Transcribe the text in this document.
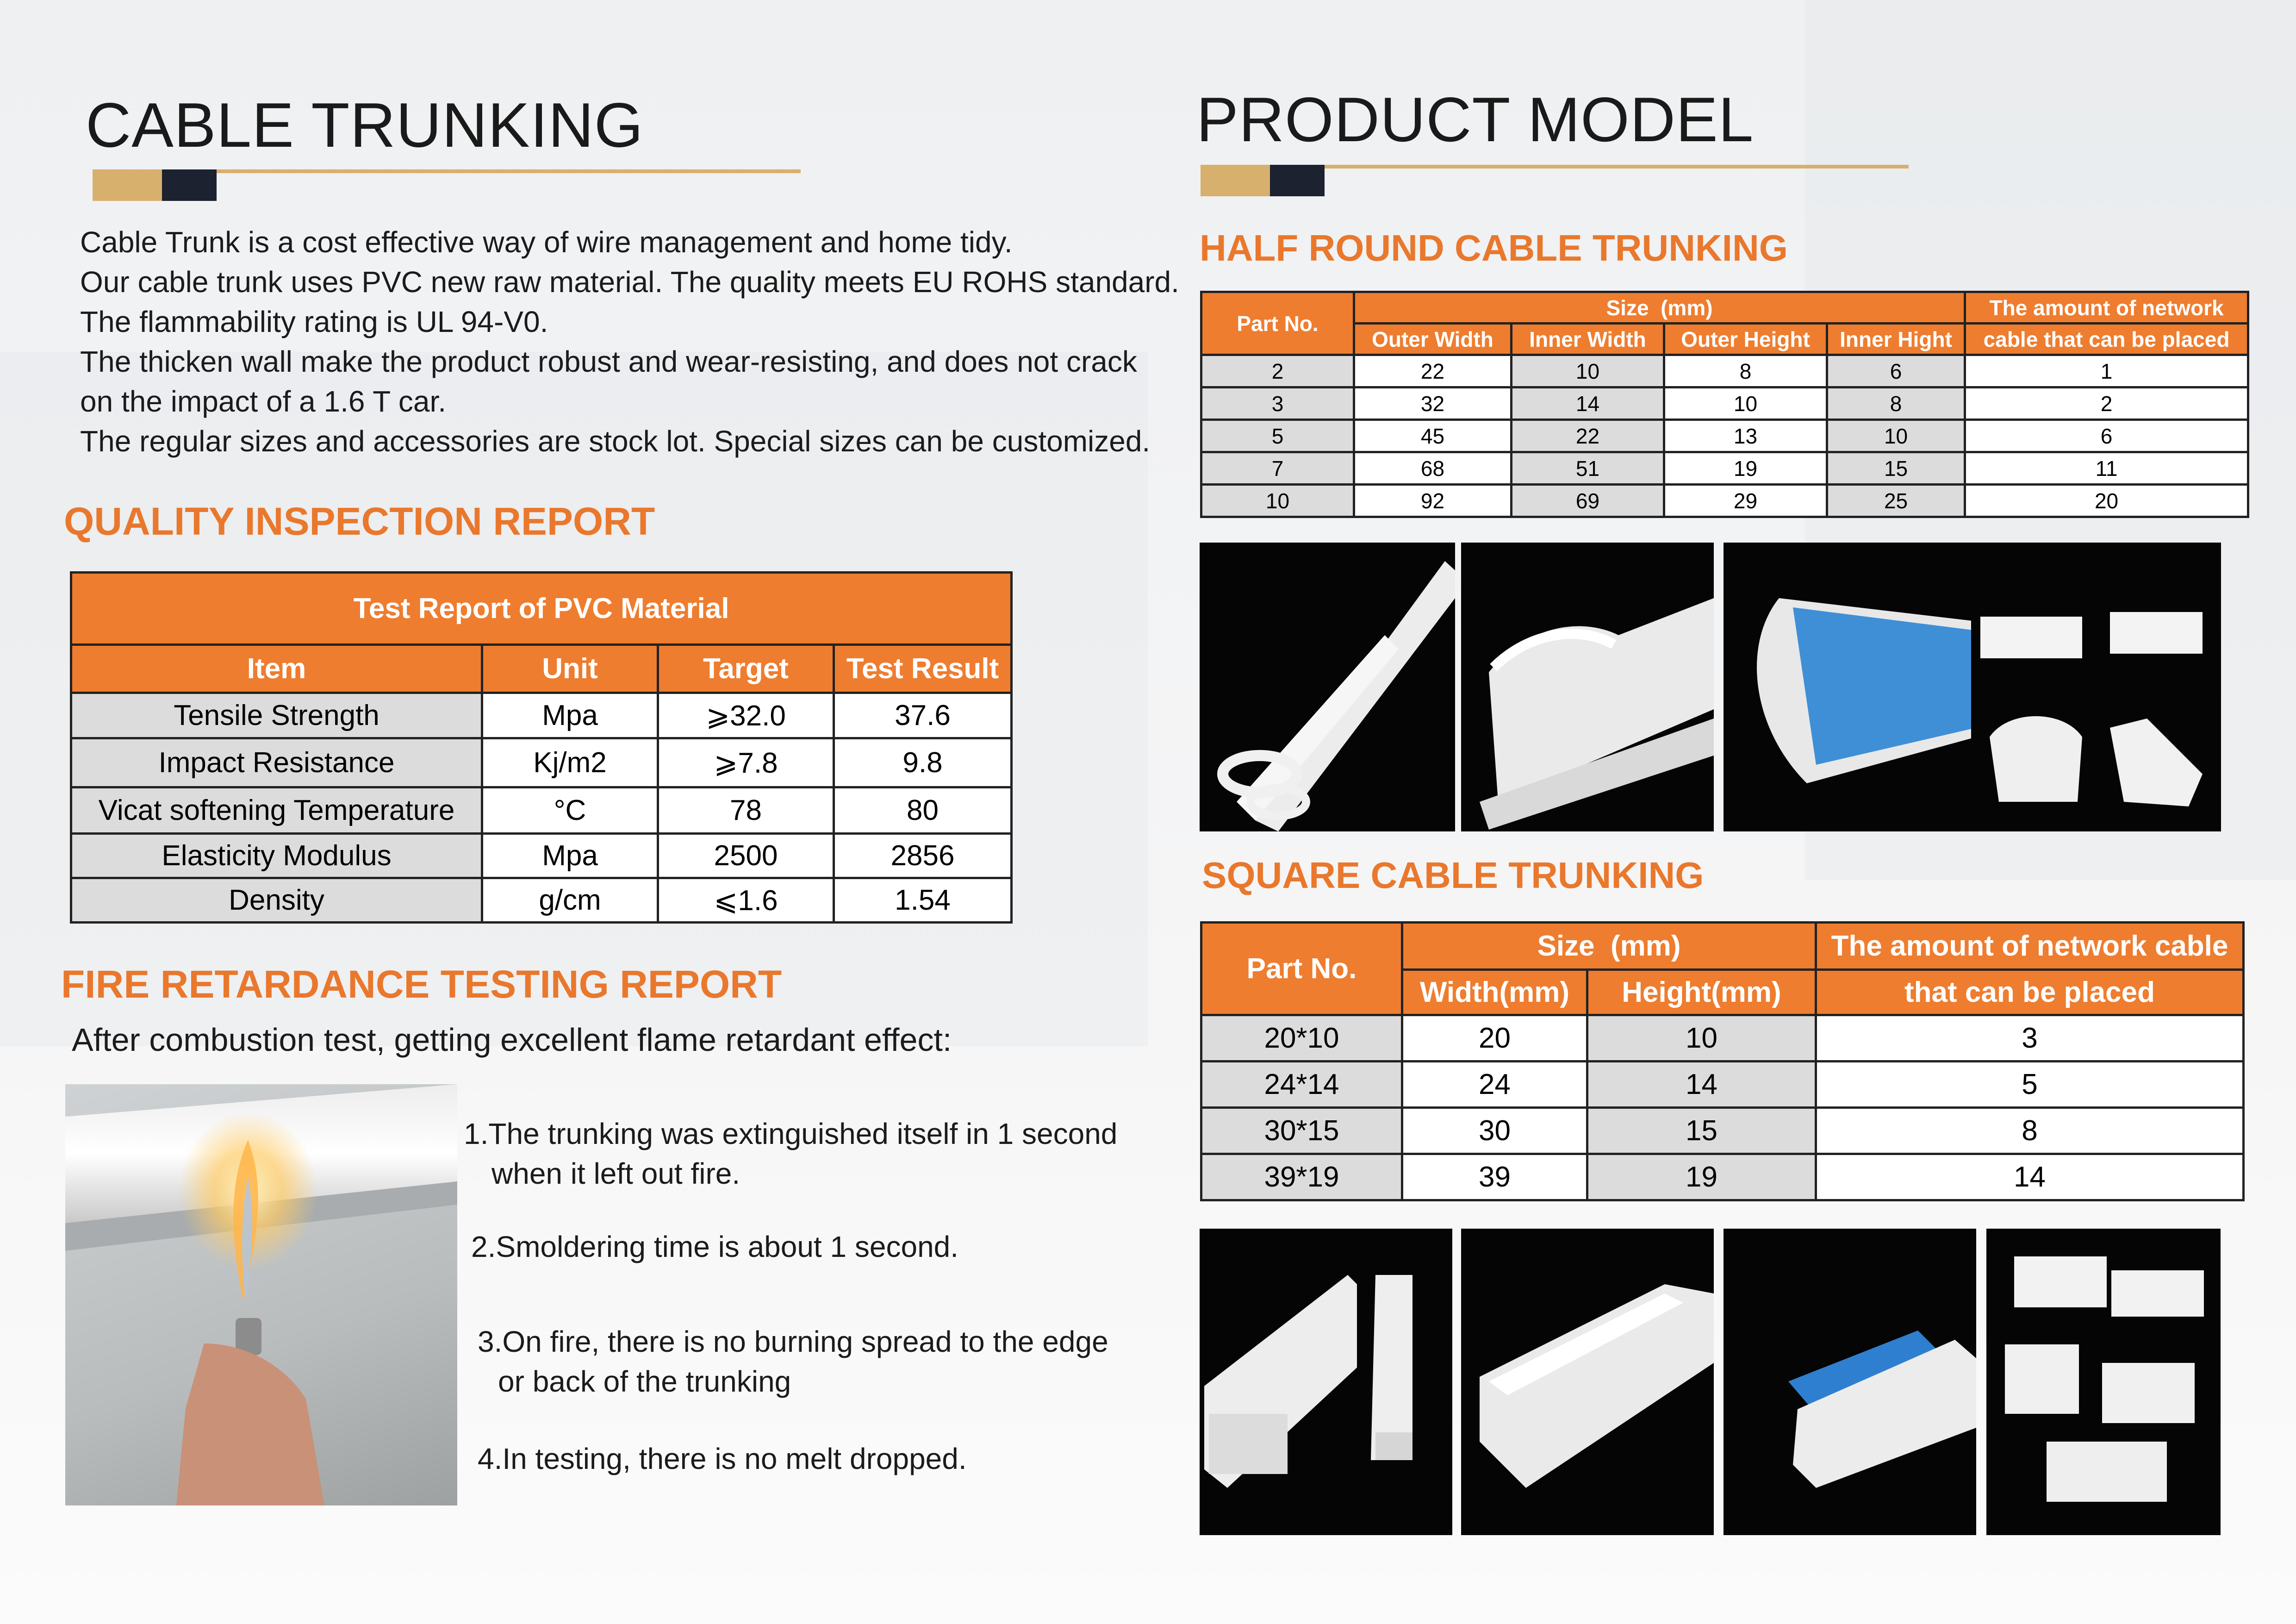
CABLE TRUNKING
Cable Trunk is a cost effective way of wire management and home tidy.
Our cable trunk uses PVC new raw material. The quality meets EU ROHS standard.
The flammability rating is UL 94-V0.
The thicken wall make the product robust and wear-resisting, and does not crack
on the impact of a 1.6 T car.
The regular sizes and accessories are stock lot. Special sizes can be customized.
QUALITY INSPECTION REPORT
Test Report of PVC Material			
Item	Unit	Target	Test Result
Tensile Strength	Mpa	⩾32.0	37.6
Impact Resistance	Kj/m2	⩾7.8	9.8
Vicat softening Temperature	°C	78	80
Elasticity Modulus	Mpa	2500	2856
Density	g/cm	⩽1.6	1.54
FIRE RETARDANCE TESTING REPORT
After combustion test, getting excellent flame retardant effect:
1.The trunking was extinguished itself in 1 second
when it left out fire.
2.Smoldering time is about 1 second.
3.On fire, there is no burning spread to the edge
or back of the trunking
4.In testing, there is no melt dropped.
PRODUCT MODEL
HALF ROUND CABLE TRUNKING
Part No.	Size  (mm)				The amount of network
	Outer Width	Inner Width	Outer Height	Inner Hight	cable that can be placed
2	22	10	8	6	1
3	32	14	10	8	2
5	45	22	13	10	6
7	68	51	19	15	11
10	92	69	29	25	20
SQUARE CABLE TRUNKING
Part No.	Size  (mm)		The amount of network cable
	Width(mm)	Height(mm)	that can be placed
20*10	20	10	3
24*14	24	14	5
30*15	30	15	8
39*19	39	19	14
